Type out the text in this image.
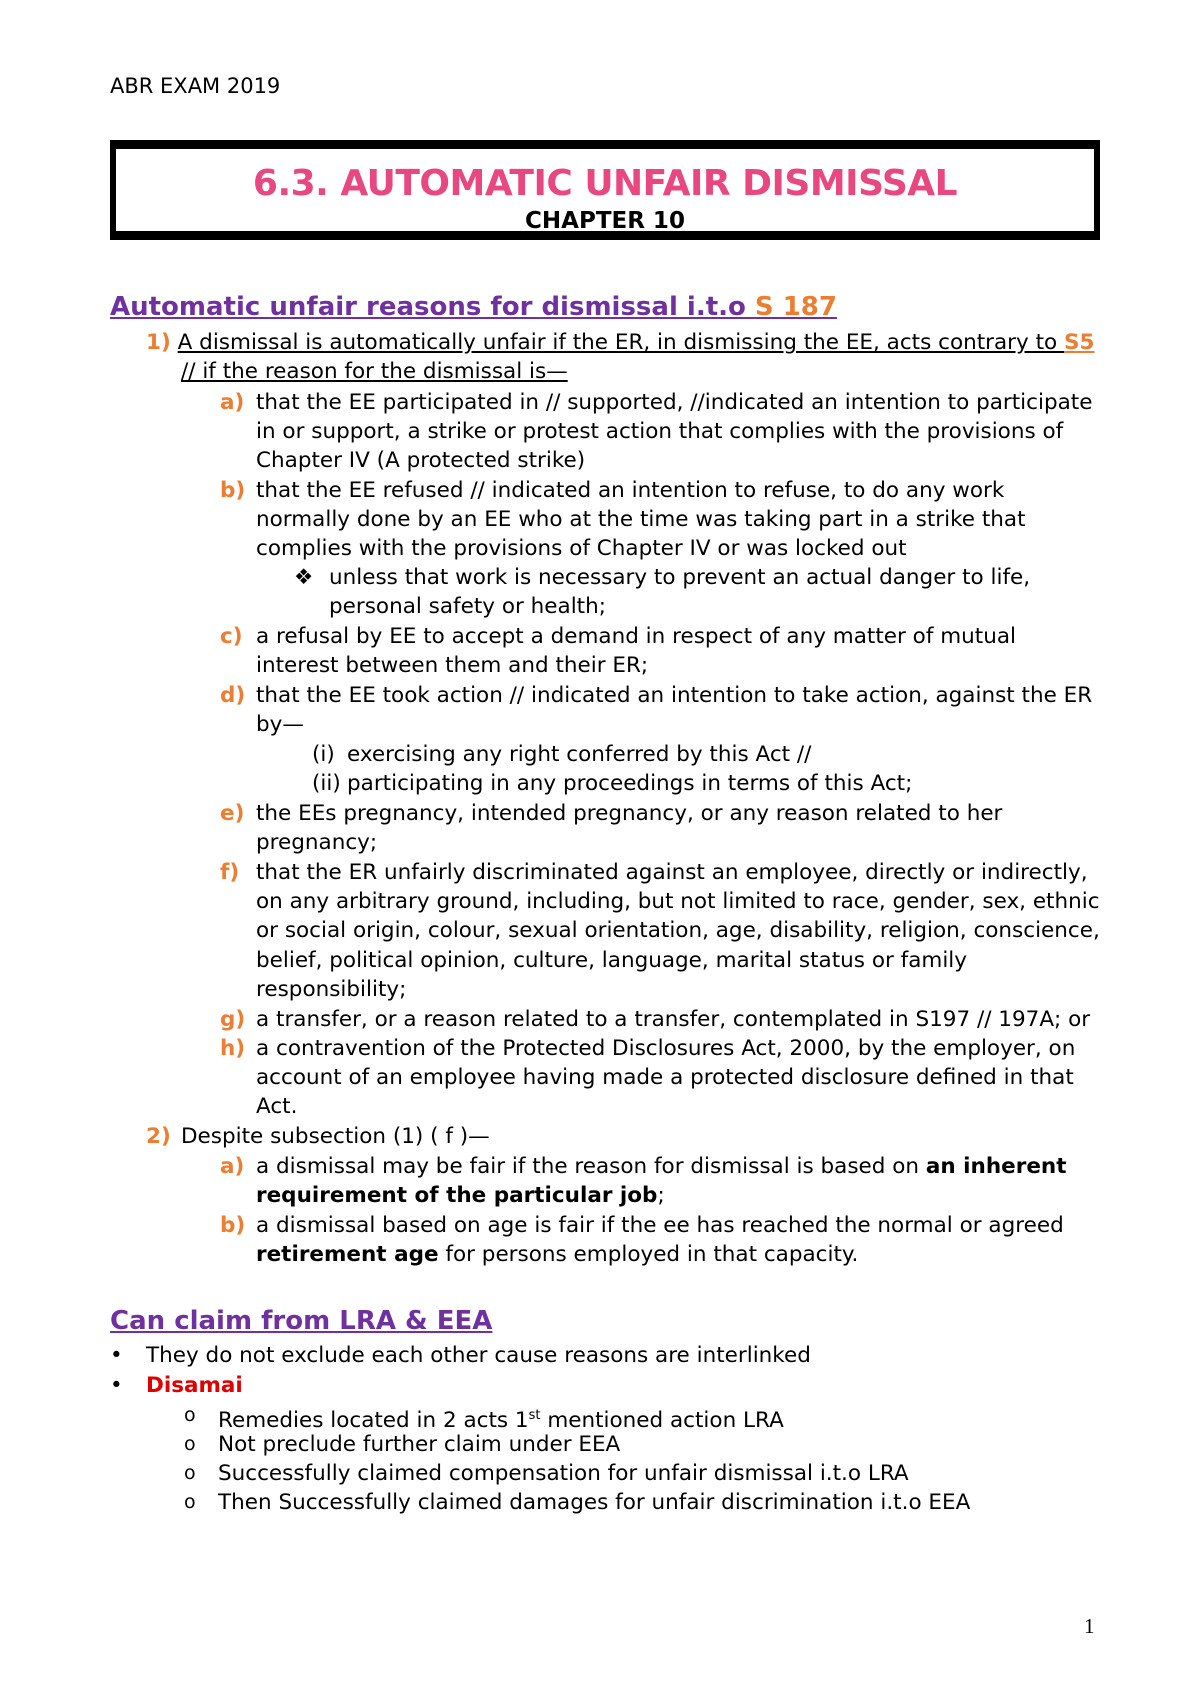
ABR EXAM 2019
6.3. AUTOMATIC UNFAIR DISMISSAL
CHAPTER 10
Automatic unfair reasons for dismissal i.t.o S 187
1) A dismissal is automatically unfair if the ER, in dismissing the EE, acts contrary to S5
// if the reason for the dismissal is—
a) that the EE participated in // supported, //indicated an intention to participate
in or support, a strike or protest action that complies with the provisions of
Chapter IV (A protected strike)
b) that the EE refused // indicated an intention to refuse, to do any work
normally done by an EE who at the time was taking part in a strike that
complies with the provisions of Chapter IV or was locked out
❖ unless that work is necessary to prevent an actual danger to life,
personal safety or health;
c) a refusal by EE to accept a demand in respect of any matter of mutual
interest between them and their ER;
d) that the EE took action // indicated an intention to take action, against the ER
by—
(i) exercising any right conferred by this Act //
(ii) participating in any proceedings in terms of this Act;
e) the EEs pregnancy, intended pregnancy, or any reason related to her
pregnancy;
f) that the ER unfairly discriminated against an employee, directly or indirectly,
on any arbitrary ground, including, but not limited to race, gender, sex, ethnic
or social origin, colour, sexual orientation, age, disability, religion, conscience,
belief, political opinion, culture, language, marital status or family
responsibility;
g) a transfer, or a reason related to a transfer, contemplated in S197 // 197A; or
h) a contravention of the Protected Disclosures Act, 2000, by the employer, on
account of an employee having made a protected disclosure defined in that
Act.
2) Despite subsection (1) ( f )—
a) a dismissal may be fair if the reason for dismissal is based on an inherent
requirement of the particular job;
b) a dismissal based on age is fair if the ee has reached the normal or agreed
retirement age for persons employed in that capacity.
Can claim from LRA & EEA
• They do not exclude each other cause reasons are interlinked
• Disamai
o Remedies located in 2 acts 1st mentioned action LRA
o Not preclude further claim under EEA
o Successfully claimed compensation for unfair dismissal i.t.o LRA
o Then Successfully claimed damages for unfair discrimination i.t.o EEA
1
